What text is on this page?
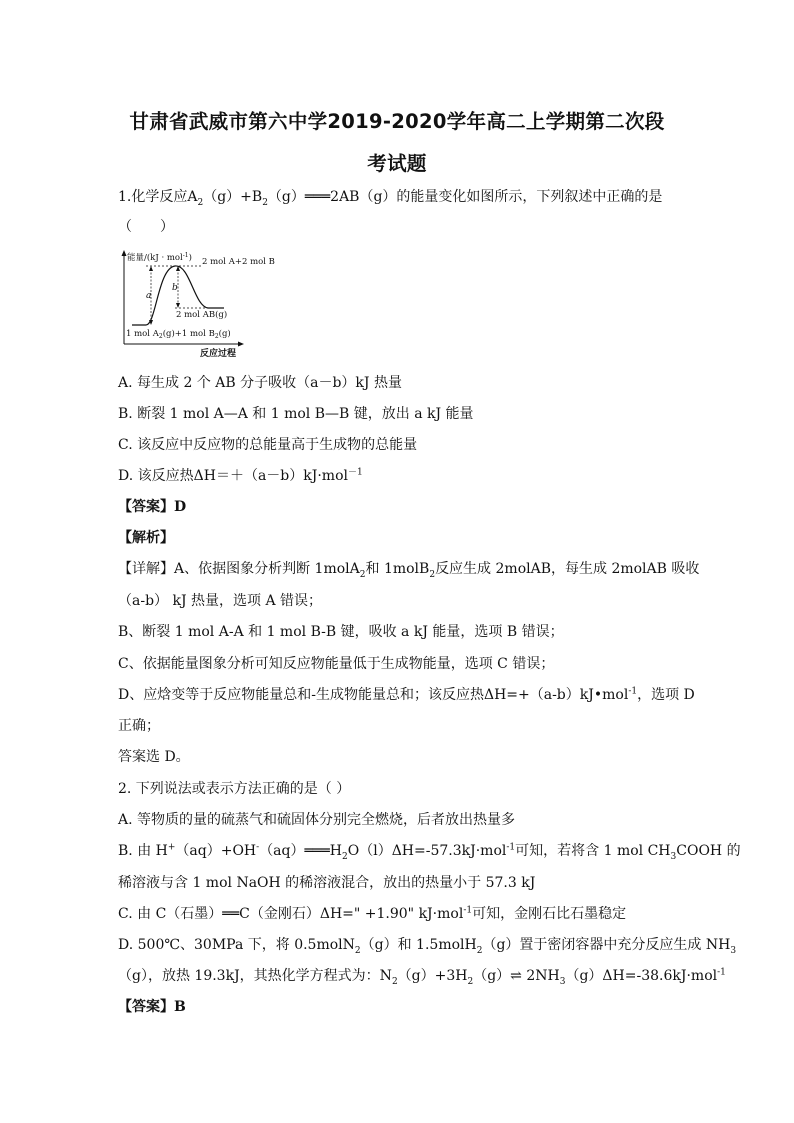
甘肃省武威市第六中学2019-2020学年高二上学期第二次段
考试题
1.化学反应$A_2(g)+B_2(g)═══2AB(g)$的能量变化如图所示，下列叙述中正确的是
（　　）
能量/(kJ · mol$^{-1}$)
a
b
2 mol A+2 mol B
2 mol AB(g)
1 mol $A_2(g)+1$ mol $B_2(g)$
反应过程
A. 每生成 2 个 AB 分子吸收（a－b）kJ 热量
B. 断裂 1 mol A—A 和 1 mol B—B 键，放出 a kJ 能量
C. 该反应中反应物的总能量高于生成物的总能量
D. 该反应热ΔH＝＋（a－b）kJ·mol$^{-1}$
【答案】D
【解析】
【详解】A、依据图象分析判断 1molA$_2$和 1molB$_2$反应生成 2molAB，每生成 2molAB 吸收
（a-b） kJ 热量，选项 A 错误；
B、断裂 1 mol A-A 和 1 mol B-B 键，吸收 a kJ 能量，选项 B 错误；
C、依据能量图象分析可知反应物能量低于生成物能量，选项 C 错误；
D、应焓变等于反应物能量总和-生成物能量总和；该反应热ΔH=+（a-b）kJ•mol$^{-1}$，选项 D
正确；
答案选 D。
2. 下列说法或表示方法正确的是（ ）
A. 等物质的量的硫蒸气和硫固体分别完全燃烧，后者放出热量多
B. 由 $H^+(aq)+OH^-(aq)═══H_2O(l)\Delta H=-57.3kJ\cdot mol^{-1}$可知，若将含 1 mol $CH_3COOH$ 的
稀溶液与含 1 mol NaOH 的稀溶液混合，放出的热量小于 57.3 kJ
C. 由 C（石墨）══C（金刚石）ΔH=" +1.90" kJ·mol$^{-1}$可知，金刚石比石墨稳定
D. 500℃、30MPa 下，将 0.5molN$_2$（g）和 1.5molH$_2$（g）置于密闭容器中充分反应生成 $NH_3$
（g），放热 19.3kJ，其热化学方程式为：$N_2(g)+3H_2(g)\rightleftharpoons$ $2NH_3(g)\Delta H=-38.6kJ\cdot mol^{-1}$
【答案】B
